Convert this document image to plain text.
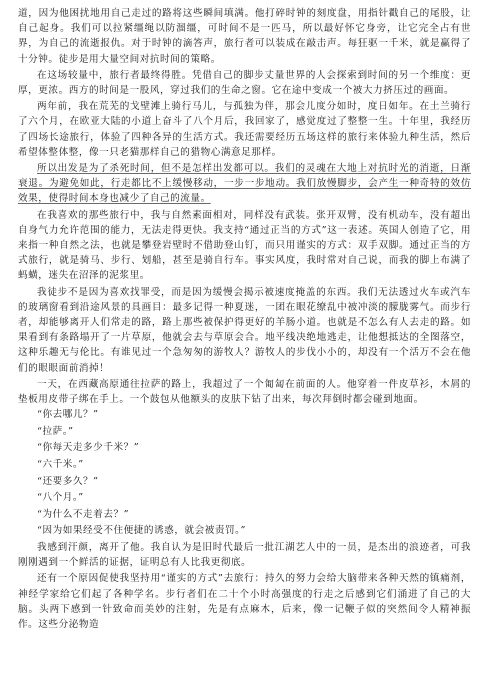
道，因为他困扰地用自己走过的路将这些瞬间填满。他打碎时钟的刻度盘，用指针戳自己的尾股，让自己起身。我们可以拉紧缰绳以防溜缰，可时间不是一匹马，所以最好怀它身旁，让它完全占有世界，为自己的流逝报仇。对于时钟的滴答声，旅行者可以装成在敲击声。每狂驱一千米，就是赢得了十分钟。徒步是用大量空间对抗时间的策略。

在这场较量中，旅行者最终得胜。凭借自己的脚步丈量世界的人会探索到时间的另一个维度：更厚，更浓。西方的时间是一股风，穿过我们的生命之窗。它在途中变成一个被大力挤压过的画面。

两年前，我在荒芜的戈壁滩上骑行马儿，与孤独为伴，那会儿度分如时，度日如年。在土兰骑行了六个月，在欧亚大陆的小道上奋斗了八个月后，我回家了，感觉度过了整整一生。十年里，我经历了四场长途旅行，体验了四种各异的生活方式。我还需要经历五场这样的旅行来体验九种生活，然后希望体整体整，像一只老猫那样自己的猎物心满意足那样。

所以出发是为了杀死时间，但不是怎样出发都可以。我们的灵魂在大地上对抗时光的消逝，日渐衰退。为避免如此，行走都比不上缓慢移动，一步一步地动。我们放慢脚步，会产生一种奇特的效仿效果，使得时间本身也减少了自己的流量。

在我喜欢的那些旅行中，我与自然素面相对，同样没有武装。张开双臂，没有机动车，没有超出自身气力允许范围的能力，无法走得更快。我支持“通过正当的方式”这一表述。英国人创造了它，用来指一种自然之法，也就是攀登岩壁时不借助登山钉，而只用谨实的方式：双手双脚。通过正当的方式旅行，就是骑马、步行、划船，甚至是骑自行车。事实风度，我时常对自己说，而我的脚上布满了蚂蟥，迷失在沼泽的泥浆里。

我徒步不是因为喜欢找罪受，而是因为缓慢会揭示被速度掩盖的东西。我们无法透过火车或汽车的玻璃窗看到沿途风景的具画目：最多记得一种夏迷，一团在眼花缭乱中被冲淡的朦胧雾气。而步行者，却能够离开人们常走的路，路上那些被保护得更好的羊肠小道。也就是不怎么有人去走的路。如果看到有条路塌开了一片草原，他就会去与草原会合。地平线决绝地逃走，让他想抵达的全图落空，这种乐趣无与伦比。有谁见过一个急匆匆的游牧人？游牧人的步伐小小的，却没有一个活万不会在他们的眼眼面前消掉！

一天，在西藏高原通往拉萨的路上，我超过了一个匍匐在前面的人。他穿着一件皮草衫，木屑的垫板用皮带子绑在手上。一个鼓包从他额头的皮肤下钻了出来，每次拜倒时都会碰到地面。

“你去哪儿？”

“拉萨。”

“你每天走多少千米？”

“六千米。”

“还要多久？”

“八个月。”

“为什么不走着去？”

“因为如果经受不住便捷的诱惑，就会被责罚。”

我感到汗颜，离开了他。我自认为是旧时代最后一批江湖艺人中的一员，是杰出的浪迹者，可我刚刚遇到一个鲜活的证据，证明总有人比我更彻底。

还有一个原因促使我坚持用“谨实的方式”去旅行：持久的努力会给大脑带来各种天然的镇痛剂，神经学家给它们起了各种学名。步行者们在二十个小时高强度的行走之后感到它们涌进了自己的大脑。头两下感到一针致命而美妙的注射，先是有点麻木，后来，像一记鞭子似的突然间令人精神振作。这些分泌物造
